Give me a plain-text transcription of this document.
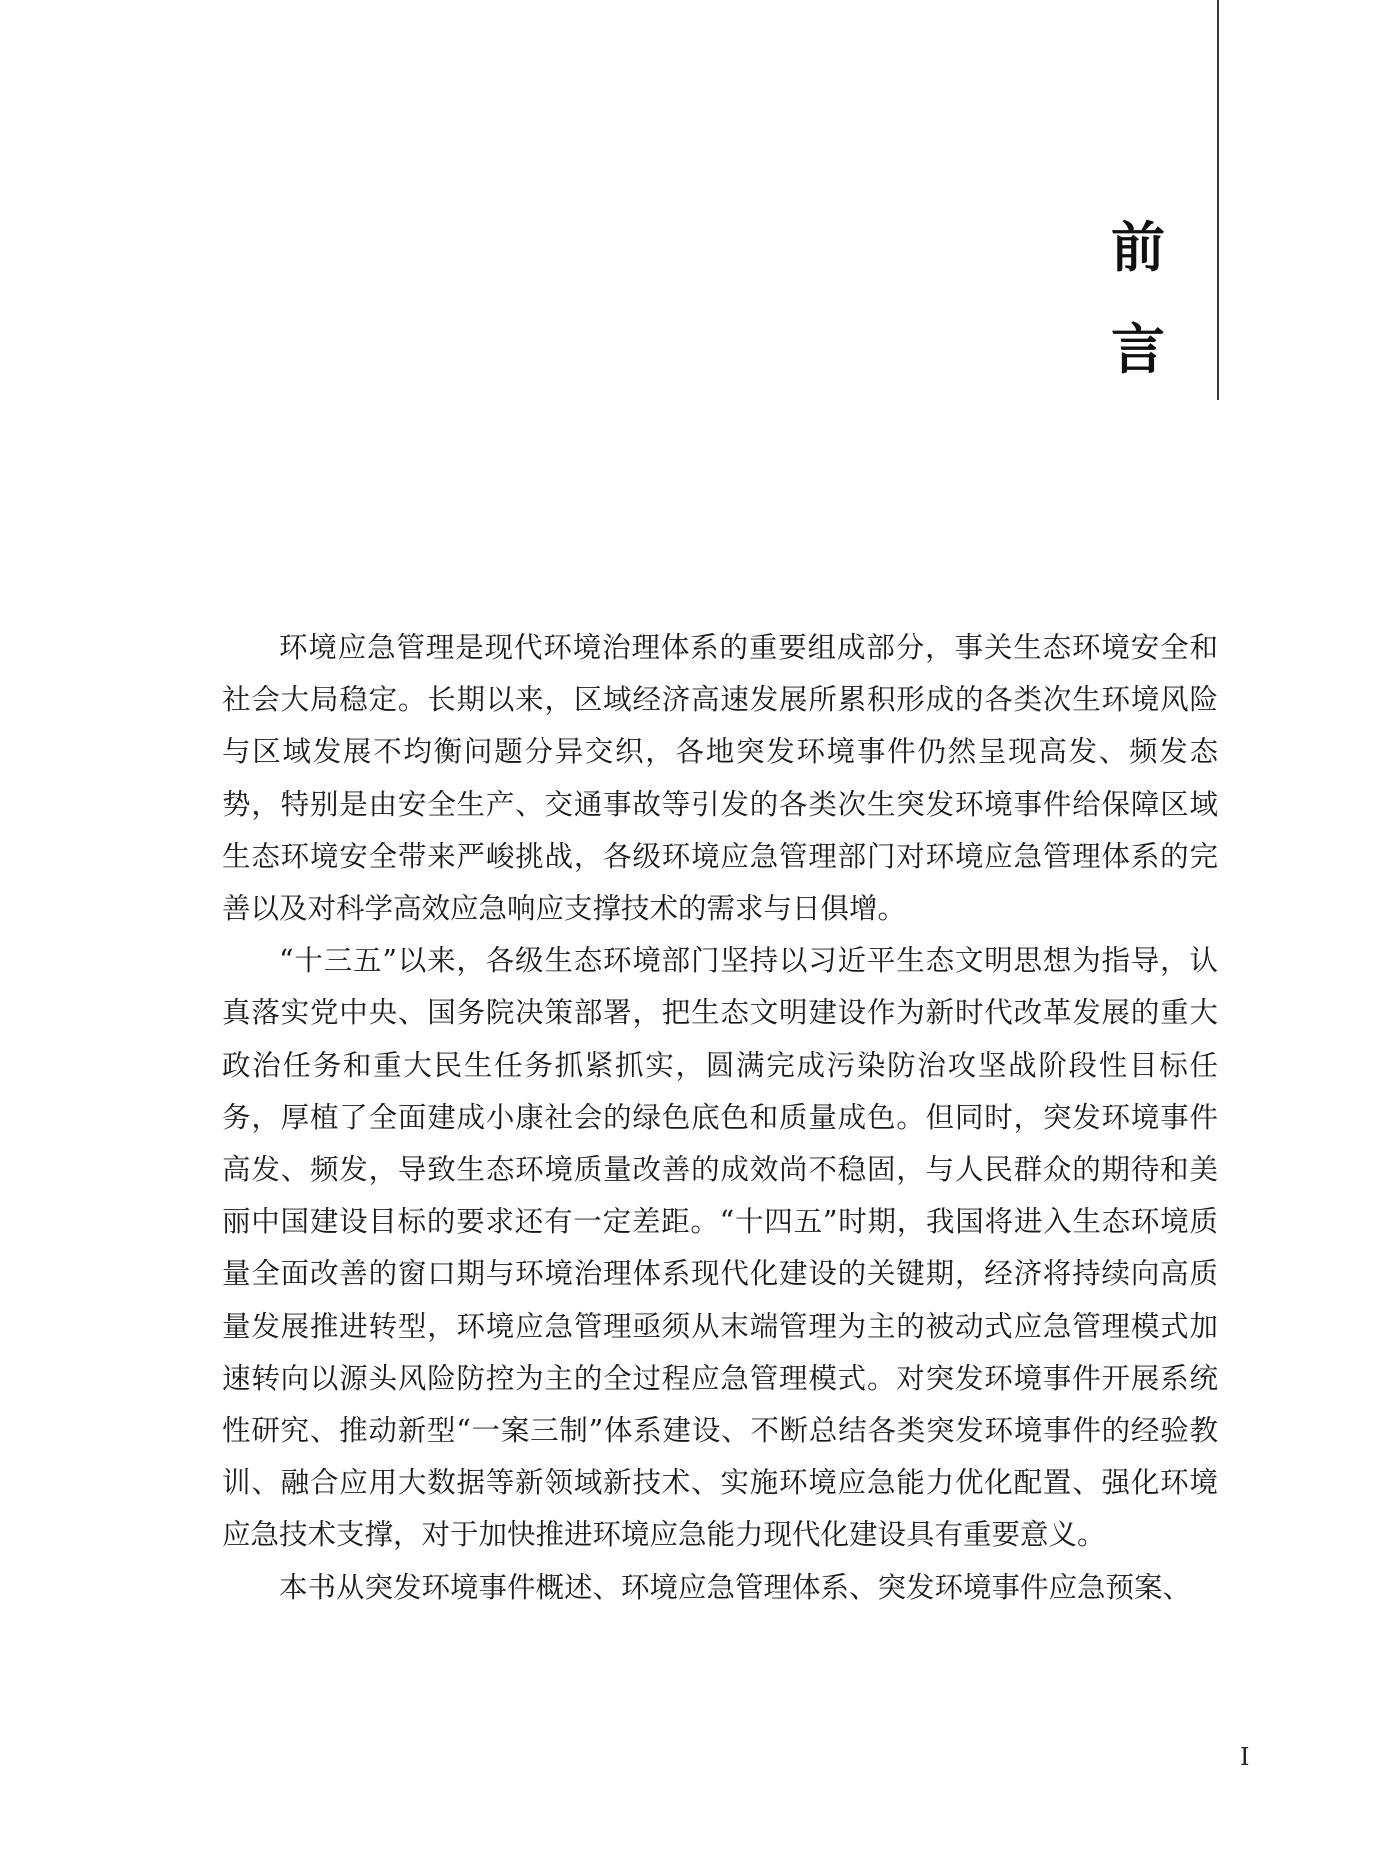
前
言

环境应急管理是现代环境治理体系的重要组成部分，事关生态环境安全和社会大局稳定。长期以来，区域经济高速发展所累积形成的各类次生环境风险与区域发展不均衡问题分异交织，各地突发环境事件仍然呈现高发、频发态势，特别是由安全生产、交通事故等引发的各类次生突发环境事件给保障区域生态环境安全带来严峻挑战，各级环境应急管理部门对环境应急管理体系的完善以及对科学高效应急响应支撑技术的需求与日俱增。

“十三五”以来，各级生态环境部门坚持以习近平生态文明思想为指导，认真落实党中央、国务院决策部署，把生态文明建设作为新时代改革发展的重大政治任务和重大民生任务抓紧抓实，圆满完成污染防治攻坚战阶段性目标任务，厚植了全面建成小康社会的绿色底色和质量成色。但同时，突发环境事件高发、频发，导致生态环境质量改善的成效尚不稳固，与人民群众的期待和美丽中国建设目标的要求还有一定差距。“十四五”时期，我国将进入生态环境质量全面改善的窗口期与环境治理体系现代化建设的关键期，经济将持续向高质量发展推进转型，环境应急管理亟须从末端管理为主的被动式应急管理模式加速转向以源头风险防控为主的全过程应急管理模式。对突发环境事件开展系统性研究、推动新型“一案三制”体系建设、不断总结各类突发环境事件的经验教训、融合应用大数据等新领域新技术、实施环境应急能力优化配置、强化环境应急技术支撑，对于加快推进环境应急能力现代化建设具有重要意义。

本书从突发环境事件概述、环境应急管理体系、突发环境事件应急预案、

I
